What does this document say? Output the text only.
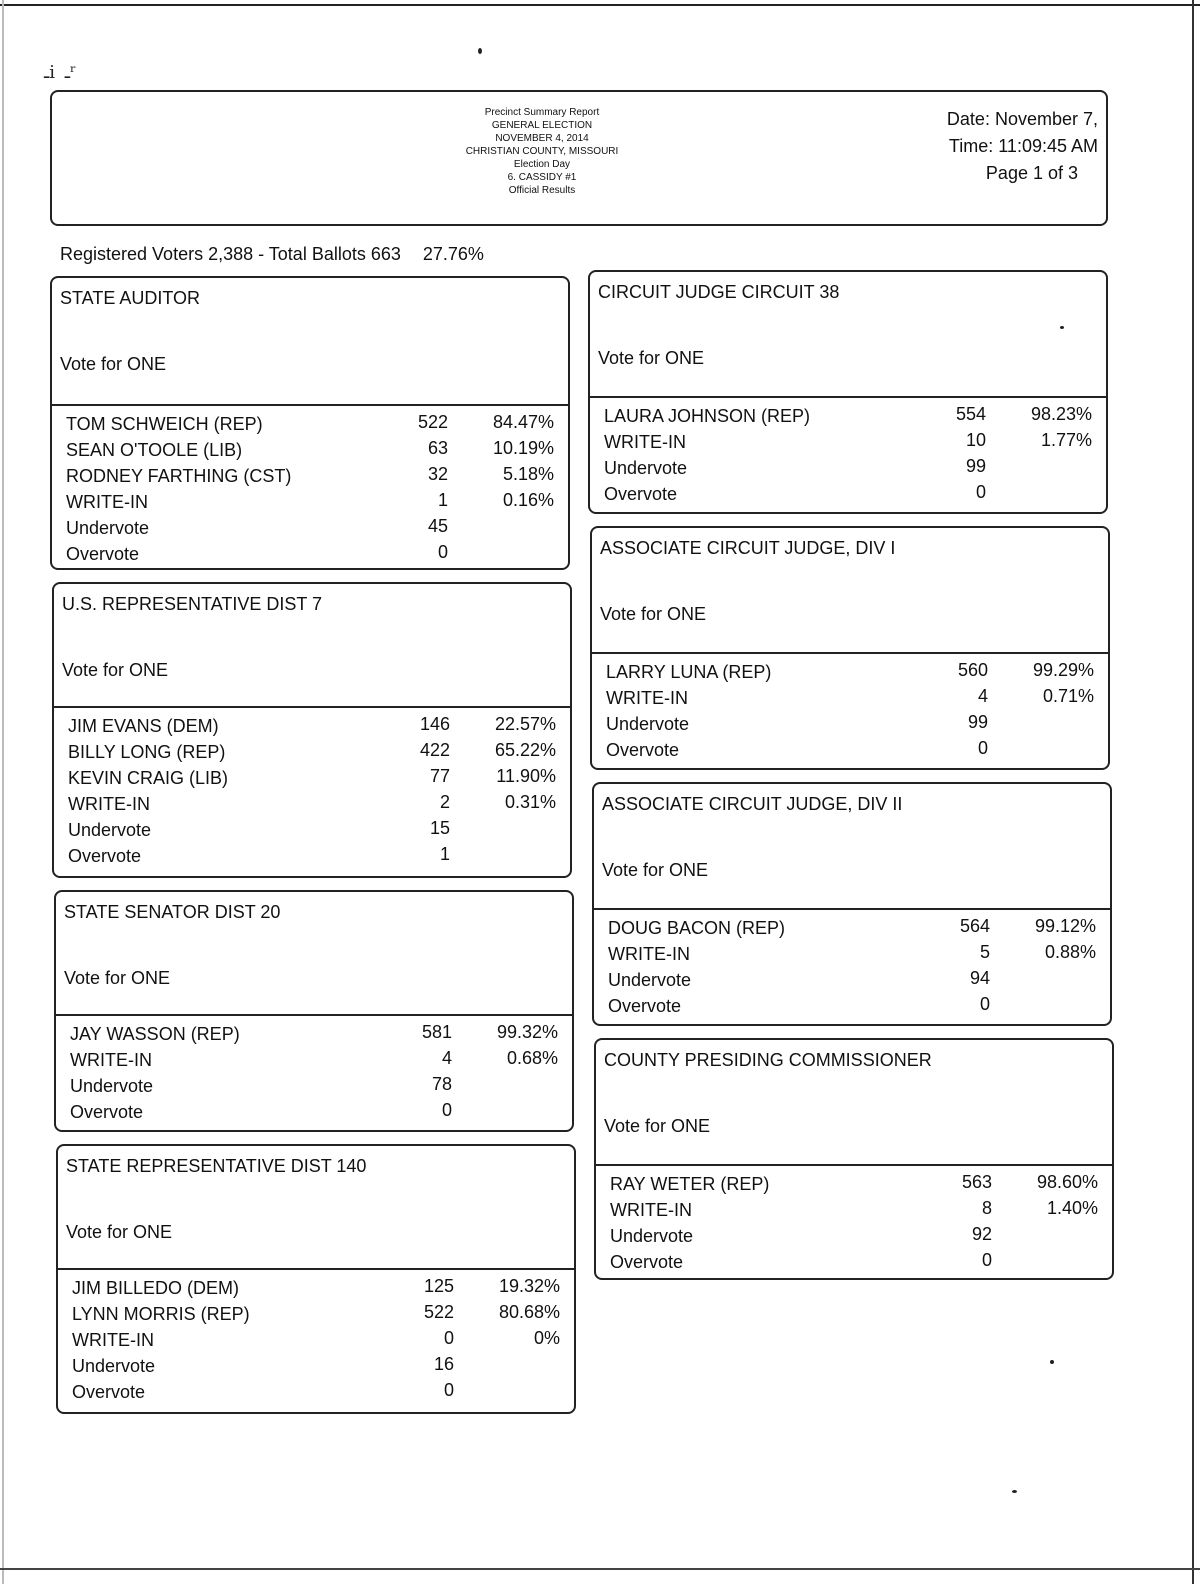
ـi ـʳ
Precinct Summary Report
GENERAL ELECTION
NOVEMBER 4, 2014
CHRISTIAN COUNTY, MISSOURI
Election Day
6. CASSIDY #1
Official Results
Date: November 7,
Time: 11:09:45 AM
Page 1 of 3
Registered Voters 2,388 - Total Ballots 663 27.76%
STATE AUDITOR
Vote for ONE
TOM SCHWEICH (REP)	522 84.47%
SEAN O'TOOLE (LIB)	63 10.19%
RODNEY FARTHING (CST)	32	5.18%
WRITE-IN	1	0.16%
Undervote	45
Overvote	0
U.S. REPRESENTATIVE DIST 7
Vote for ONE
JIM EVANS (DEM)	146 22.57%
BILLY LONG (REP)	422 65.22%
KEVIN CRAIG (LIB)	77	11.90%
WRITE-IN	2	0.31%
Undervote	15
Overvote	1
STATE SENATOR DIST 20
Vote for ONE
JAY WASSON (REP)	581 99.32%
WRITE-IN	4	0.68%
Undervote	78
Overvote	0
STATE REPRESENTATIVE DIST 140
Vote for ONE
JIM BILLEDO (DEM)	125 19.32%
LYNN MORRIS (REP)	522 80.68%
WRITE-IN	0	0%
Undervote	16
Overvote	0
CIRCUIT JUDGE CIRCUIT 38
Vote for ONE
LAURA JOHNSON (REP)	554 98.23%
WRITE-IN	10	1.77%
Undervote	99
Overvote	0
ASSOCIATE CIRCUIT JUDGE, DIV I
Vote for ONE
LARRY LUNA (REP)	560 99.29%
WRITE-IN	4	0.71%
Undervote	99
Overvote	0
ASSOCIATE CIRCUIT JUDGE, DIV II
Vote for ONE
DOUG BACON (REP)	564 99.12%
WRITE-IN	5	0.88%
Undervote	94
Overvote	0
COUNTY PRESIDING COMMISSIONER
Vote for ONE
RAY WETER (REP)	563 98.60%
WRITE-IN	8	1.40%
Undervote	92
Overvote	0
